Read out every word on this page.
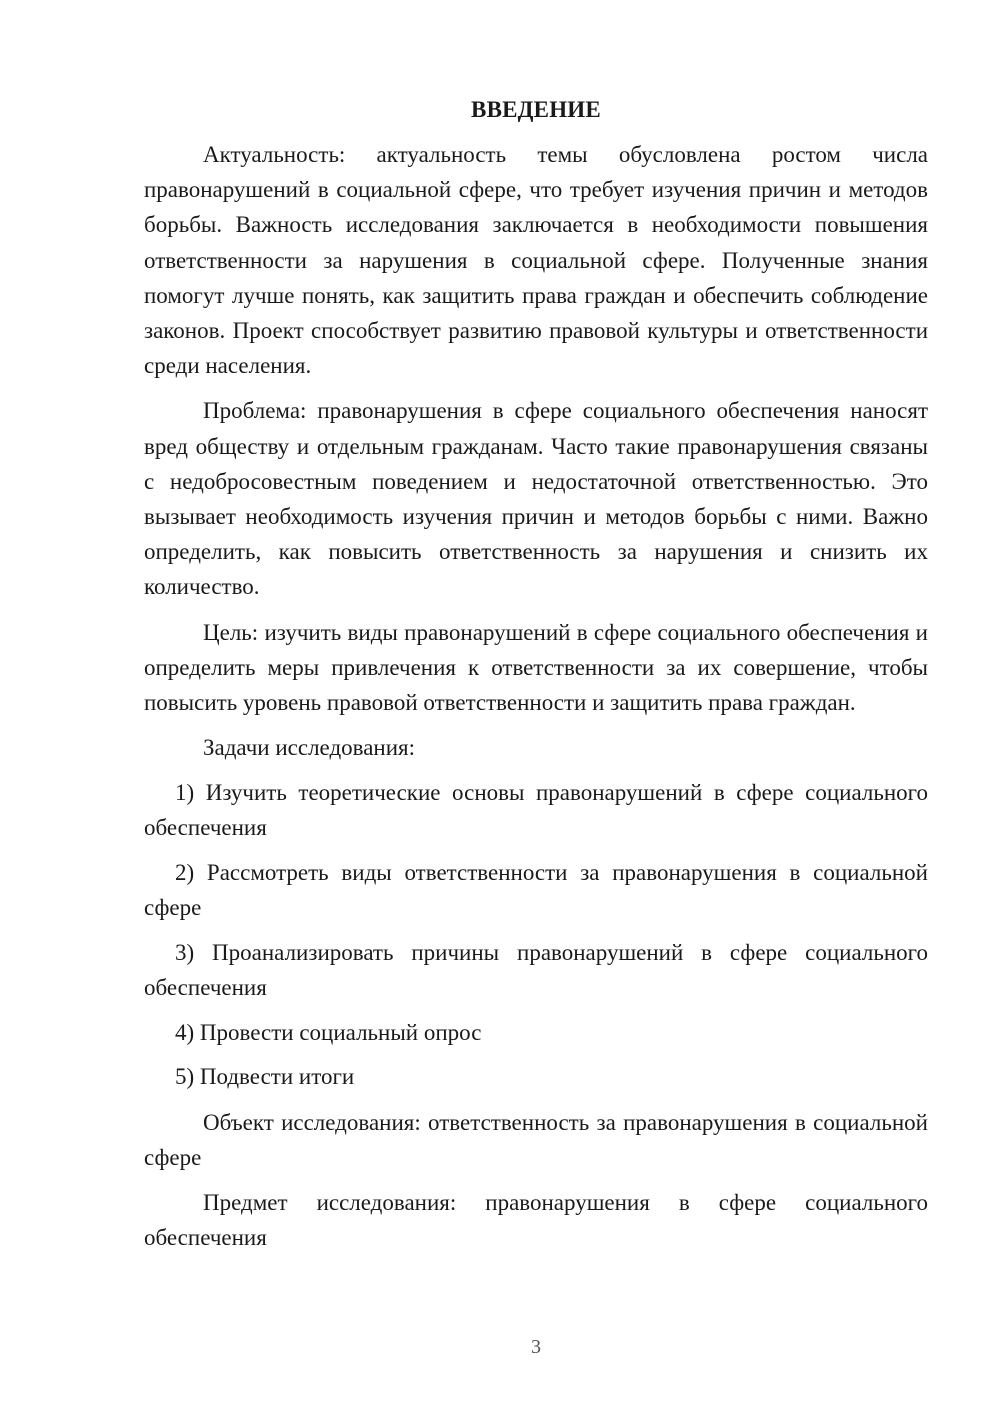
ВВЕДЕНИЕ

Актуальность: актуальность темы обусловлена ростом числа правонарушений в социальной сфере, что требует изучения причин и методов борьбы. Важность исследования заключается в необходимости повышения ответственности за нарушения в социальной сфере. Полученные знания помогут лучше понять, как защитить права граждан и обеспечить соблюдение законов. Проект способствует развитию правовой культуры и ответственности среди населения.

Проблема: правонарушения в сфере социального обеспечения наносят вред обществу и отдельным гражданам. Часто такие правонарушения связаны с недобросовестным поведением и недостаточной ответственностью. Это вызывает необходимость изучения причин и методов борьбы с ними. Важно определить, как повысить ответственность за нарушения и снизить их количество.

Цель: изучить виды правонарушений в сфере социального обеспечения и определить меры привлечения к ответственности за их совершение, чтобы повысить уровень правовой ответственности и защитить права граждан.

Задачи исследования:

1) Изучить теоретические основы правонарушений в сфере социального обеспечения

2) Рассмотреть виды ответственности за правонарушения в социальной сфере

3) Проанализировать причины правонарушений в сфере социального обеспечения

4) Провести социальный опрос

5) Подвести итоги

Объект исследования: ответственность за правонарушения в социальной сфере

Предмет исследования: правонарушения в сфере социального обеспечения

3
